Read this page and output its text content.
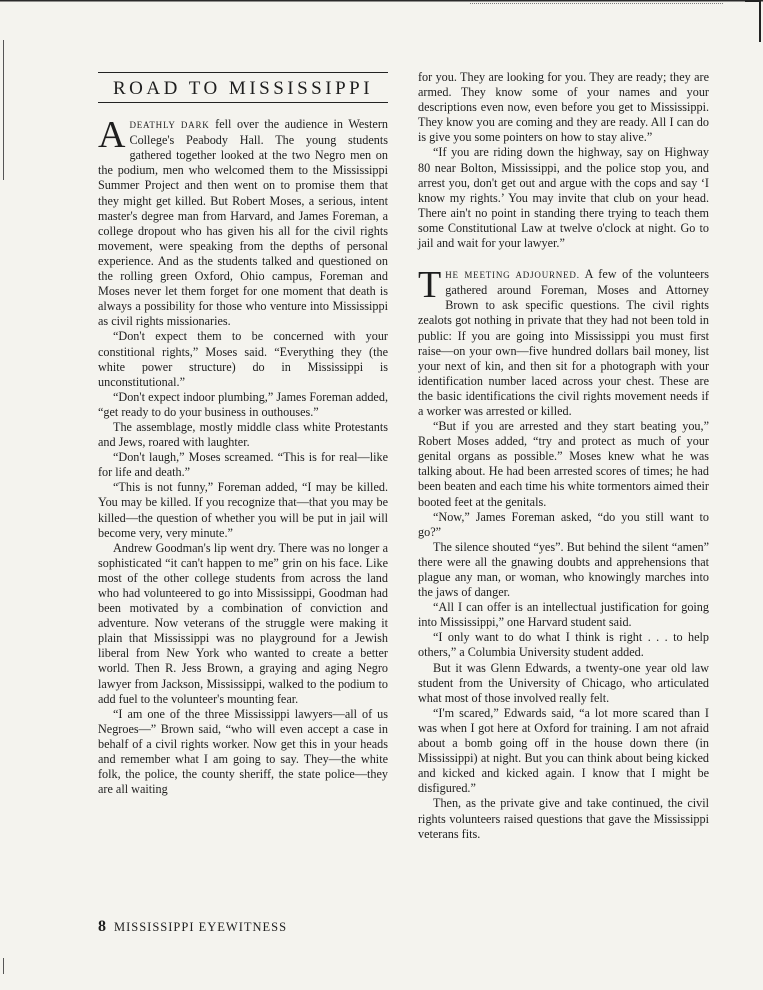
ROAD TO MISSISSIPPI

ADEATHLY DARK fell over the audience in Western College's Peabody Hall. The young students gathered together looked at the two Negro men on the podium, men who welcomed them to the Mississippi Summer Project and then went on to promise them that they might get killed. But Robert Moses, a serious, intent master's degree man from Harvard, and James Foreman, a college dropout who has given his all for the civil rights movement, were speaking from the depths of personal experience. And as the students talked and questioned on the rolling green Oxford, Ohio campus, Foreman and Moses never let them forget for one moment that death is always a possibility for those who venture into Mississippi as civil rights missionaries.

“Don't expect them to be concerned with your constitional rights,” Moses said. “Everything they (the white power structure) do in Mississippi is unconstitutional.”

“Don't expect indoor plumbing,” James Foreman added, “get ready to do your business in outhouses.”

The assemblage, mostly middle class white Protestants and Jews, roared with laughter.

“Don't laugh,” Moses screamed. “This is for real—like for life and death.”

“This is not funny,” Foreman added, “I may be killed. You may be killed. If you recognize that—that you may be killed—the question of whether you will be put in jail will become very, very minute.”

Andrew Goodman's lip went dry. There was no longer a sophisticated “it can't happen to me” grin on his face. Like most of the other college students from across the land who had volunteered to go into Mississippi, Goodman had been motivated by a combination of conviction and adventure. Now veterans of the struggle were making it plain that Mississippi was no playground for a Jewish liberal from New York who wanted to create a better world. Then R. Jess Brown, a graying and aging Negro lawyer from Jackson, Mississippi, walked to the podium to add fuel to the volunteer's mounting fear.

“I am one of the three Mississippi lawyers—all of us Negroes—” Brown said, “who will even accept a case in behalf of a civil rights worker. Now get this in your heads and remember what I am going to say. They—the white folk, the police, the county sheriff, the state police—they are all waiting

for you. They are looking for you. They are ready; they are armed. They know some of your names and your descriptions even now, even before you get to Mississippi. They know you are coming and they are ready. All I can do is give you some pointers on how to stay alive.”

“If you are riding down the highway, say on Highway 80 near Bolton, Mississippi, and the police stop you, and arrest you, don't get out and argue with the cops and say ‘I know my rights.’ You may invite that club on your head. There ain't no point in standing there trying to teach them some Constitutional Law at twelve o'clock at night. Go to jail and wait for your lawyer.”

THE MEETING ADJOURNED. A few of the volunteers gathered around Foreman, Moses and Attorney Brown to ask specific questions. The civil rights zealots got nothing in private that they had not been told in public: If you are going into Mississippi you must first raise—on your own—five hundred dollars bail money, list your next of kin, and then sit for a photograph with your identification number laced across your chest. These are the basic identifications the civil rights movement needs if a worker was arrested or killed.

“But if you are arrested and they start beating you,” Robert Moses added, “try and protect as much of your genital organs as possible.” Moses knew what he was talking about. He had been arrested scores of times; he had been beaten and each time his white tormentors aimed their booted feet at the genitals.

“Now,” James Foreman asked, “do you still want to go?”

The silence shouted “yes”. But behind the silent “amen” there were all the gnawing doubts and apprehensions that plague any man, or woman, who knowingly marches into the jaws of danger.

“All I can offer is an intellectual justification for going into Mississippi,” one Harvard student said.

“I only want to do what I think is right . . . to help others,” a Columbia University student added.

But it was Glenn Edwards, a twenty-one year old law student from the University of Chicago, who articulated what most of those involved really felt.

“I'm scared,” Edwards said, “a lot more scared than I was when I got here at Oxford for training. I am not afraid about a bomb going off in the house down there (in Mississippi) at night. But you can think about being kicked and kicked and kicked again. I know that I might be disfigured.”

Then, as the private give and take continued, the civil rights volunteers raised questions that gave the Mississippi veterans fits.

8 MISSISSIPPI EYEWITNESS
